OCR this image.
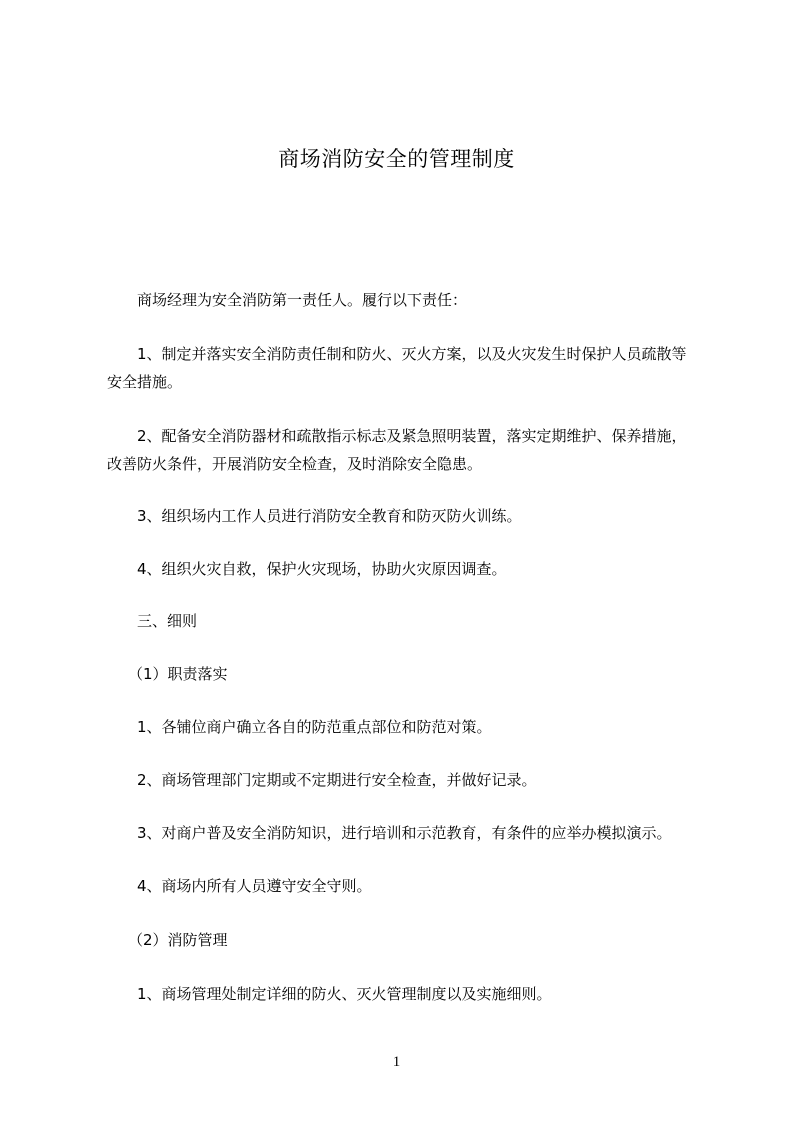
商场消防安全的管理制度

商场经理为安全消防第一责任人。履行以下责任：

1、制定并落实安全消防责任制和防火、灭火方案，以及火灾发生时保护人员疏散等安全措施。

2、配备安全消防器材和疏散指示标志及紧急照明装置，落实定期维护、保养措施，改善防火条件，开展消防安全检查，及时消除安全隐患。

3、组织场内工作人员进行消防安全教育和防灭防火训练。

4、组织火灾自救，保护火灾现场，协助火灾原因调查。

三、细则

（1）职责落实

1、各铺位商户确立各自的防范重点部位和防范对策。

2、商场管理部门定期或不定期进行安全检查，并做好记录。

3、对商户普及安全消防知识，进行培训和示范教育，有条件的应举办模拟演示。

4、商场内所有人员遵守安全守则。

（2）消防管理

1、商场管理处制定详细的防火、灭火管理制度以及实施细则。

1
